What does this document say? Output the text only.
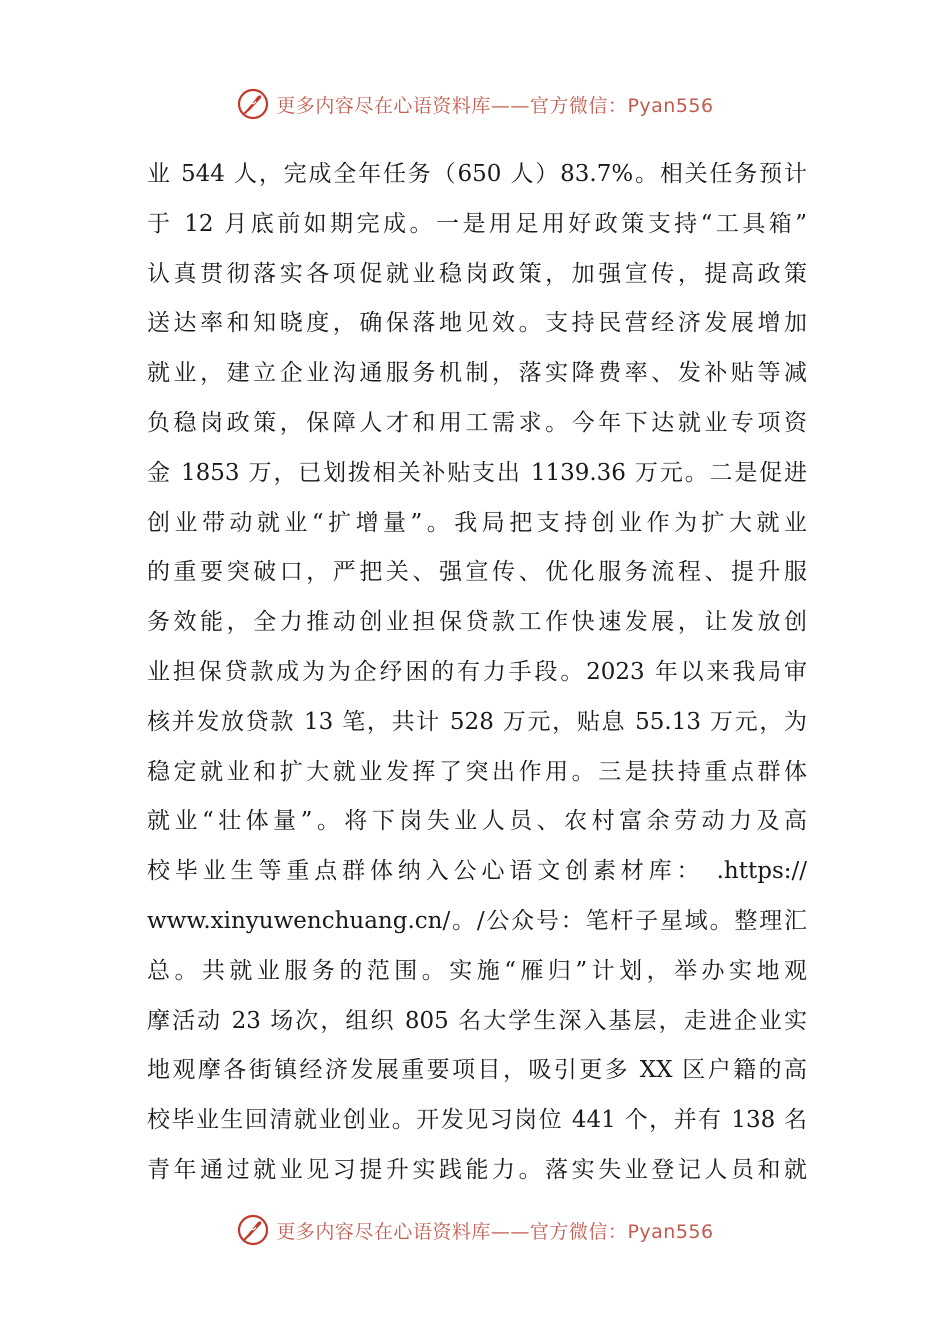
更多内容尽在心语资料库——官方微信：Pyan556
业 544 人，完成全年任务（650 人）83.7%。相关任务预计
于 12 月底前如期完成。一是用足用好政策支持“工具箱”
认真贯彻落实各项促就业稳岗政策，加强宣传，提高政策
送达率和知晓度，确保落地见效。支持民营经济发展增加
就业，建立企业沟通服务机制，落实降费率、发补贴等减
负稳岗政策，保障人才和用工需求。今年下达就业专项资
金 1853 万，已划拨相关补贴支出 1139.36 万元。二是促进
创业带动就业“扩增量”。我局把支持创业作为扩大就业
的重要突破口，严把关、强宣传、优化服务流程、提升服
务效能，全力推动创业担保贷款工作快速发展，让发放创
业担保贷款成为为企纾困的有力手段。2023 年以来我局审
核并发放贷款 13 笔，共计 528 万元，贴息 55.13 万元，为
稳定就业和扩大就业发挥了突出作用。三是扶持重点群体
就业“壮体量”。将下岗失业人员、农村富余劳动力及高
校毕业生等重点群体纳入公心语文创素材库： .https://
www.xinyuwenchuang.cn/。/公众号：笔杆子星域。整理汇
总。共就业服务的范围。实施“雁归”计划，举办实地观
摩活动 23 场次，组织 805 名大学生深入基层，走进企业实
地观摩各街镇经济发展重要项目，吸引更多 XX 区户籍的高
校毕业生回清就业创业。开发见习岗位 441 个，并有 138 名
青年通过就业见习提升实践能力。落实失业登记人员和就
更多内容尽在心语资料库——官方微信：Pyan556
